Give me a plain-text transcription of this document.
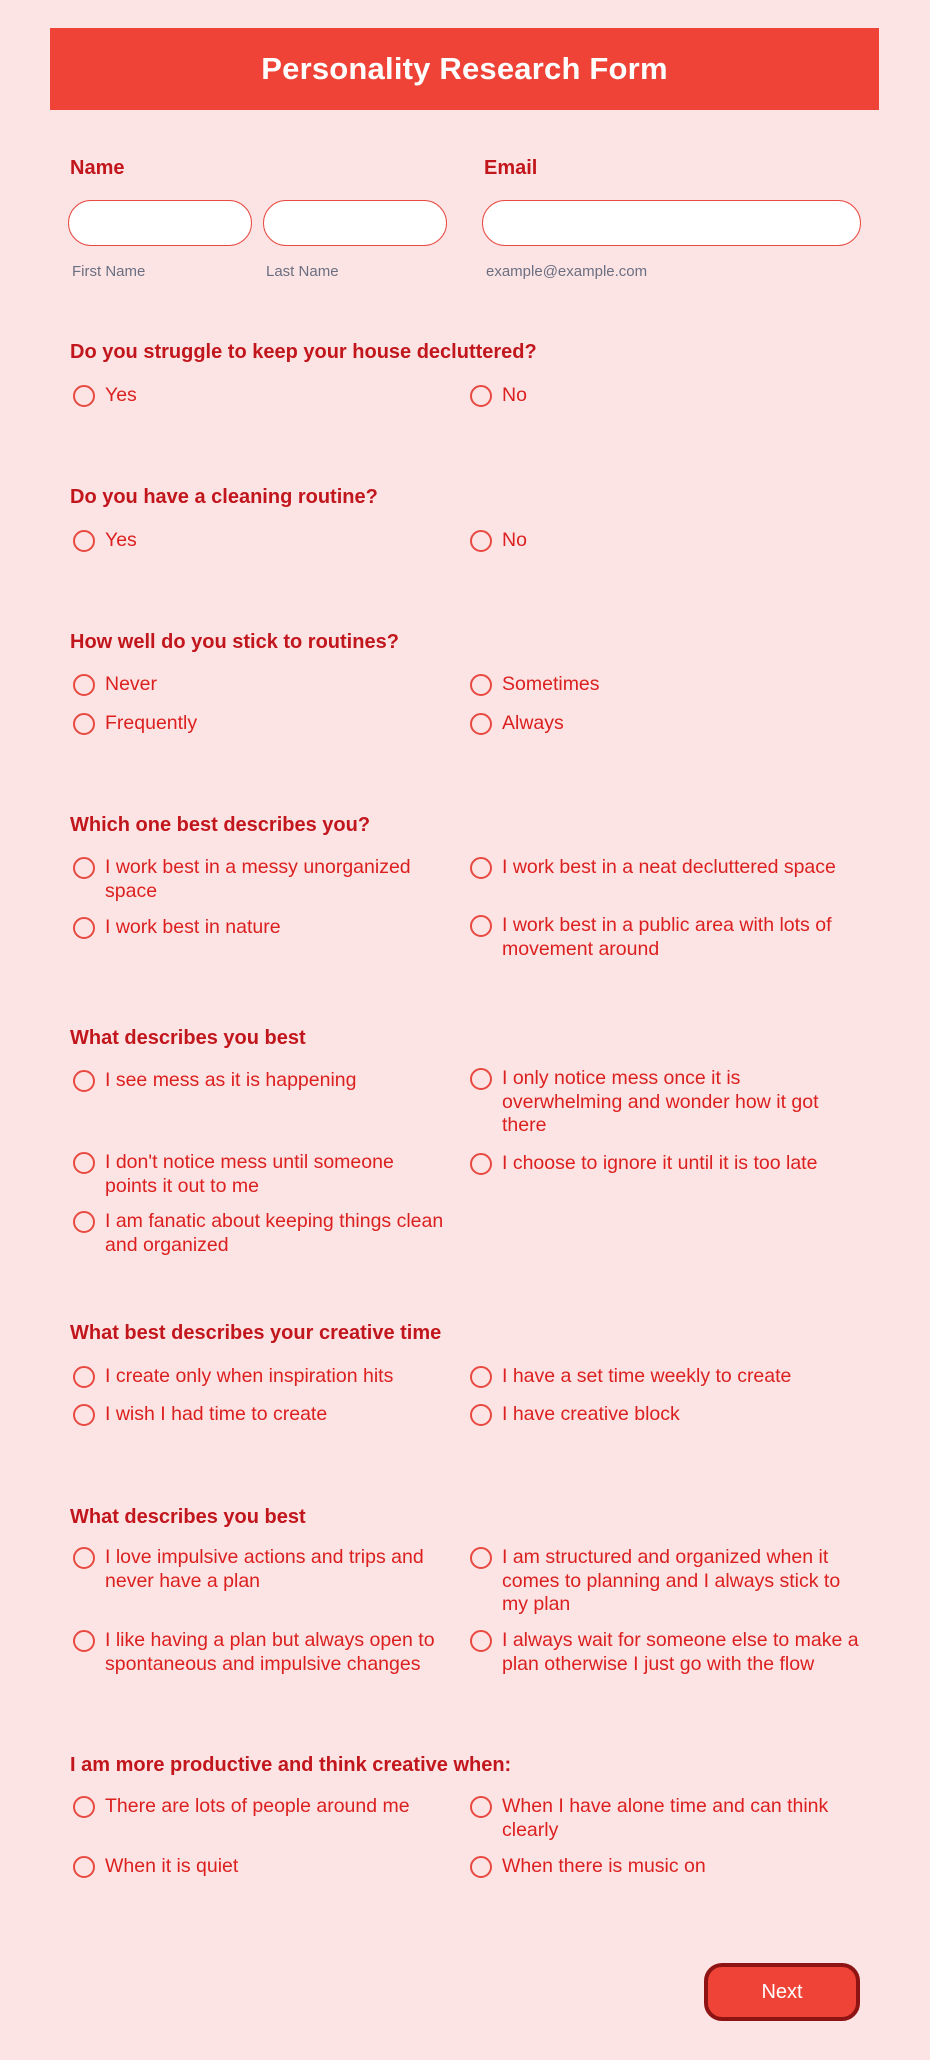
Personality Research Form
Name	Email
First Name	Last Name	example@example.com
Do you struggle to keep your house decluttered?
Yes	No
Do you have a cleaning routine?
Yes	No
How well do you stick to routines?
Never	Sometimes
Frequently	Always
Which one best describes you?
I work best in a messy unorganized space
I work best in a neat decluttered space
I work best in nature	I work best in a public area with lots of movement around
What describes you best
I see mess as it is happening	I only notice mess once it is overwhelming and wonder how it got there
I don't notice mess until someone points it out to me
I choose to ignore it until it is too late
I am fanatic about keeping things clean and organized
What best describes your creative time
I create only when inspiration hits	I have a set time weekly to create
I wish I had time to create	I have creative block
What describes you best
I love impulsive actions and trips and never have a plan
I am structured and organized when it comes to planning and I always stick to my plan
I like having a plan but always open to spontaneous and impulsive changes
I always wait for someone else to make a plan otherwise I just go with the flow
I am more productive and think creative when:
There are lots of people around me	When I have alone time and can think clearly
When it is quiet	When there is music on
Next
